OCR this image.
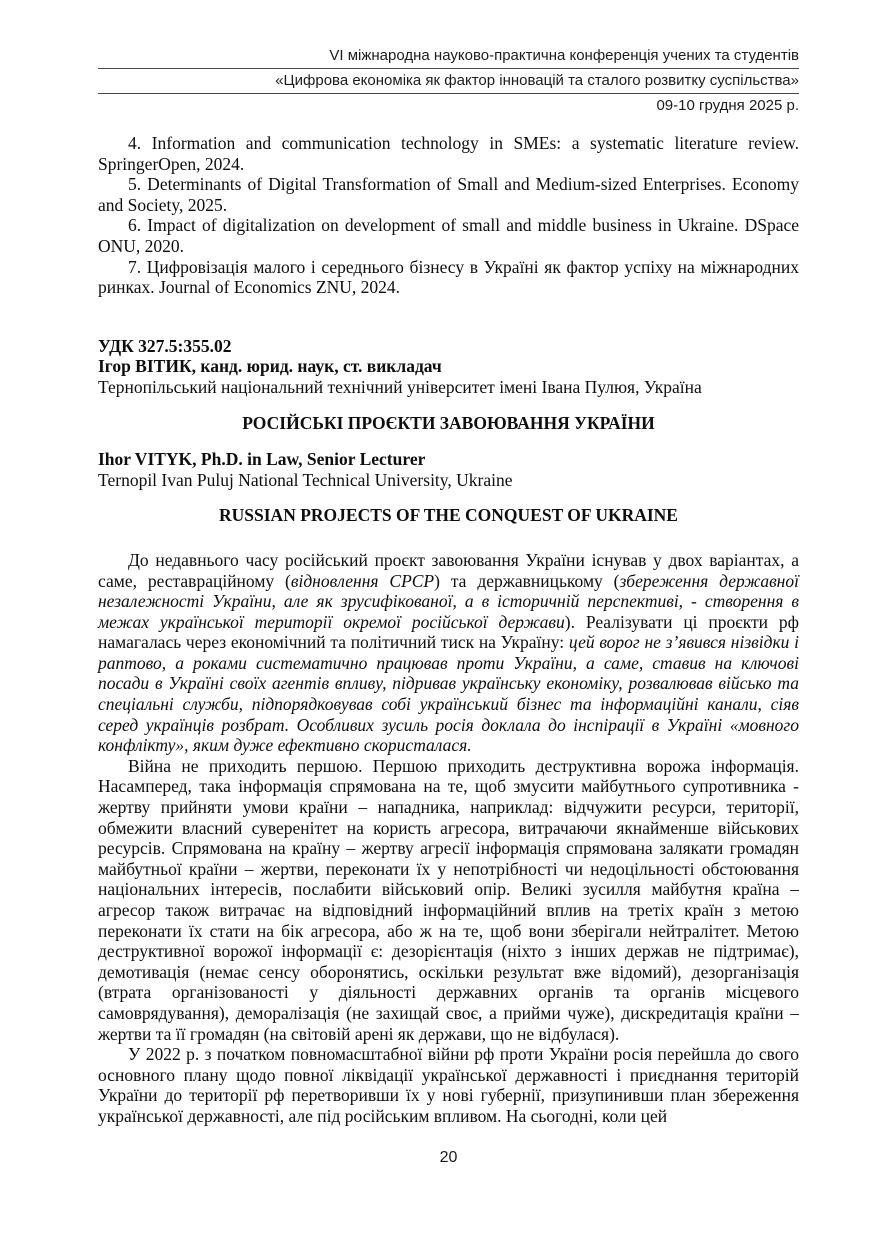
VI міжнародна науково-практична конференція учених та студентів
«Цифрова економіка як фактор інновацій та сталого розвитку суспільства»
09-10 грудня 2025 р.

4. Information and communication technology in SMEs: a systematic literature review. SpringerOpen, 2024.

5. Determinants of Digital Transformation of Small and Medium-sized Enterprises. Economy and Society, 2025.

6. Impact of digitalization on development of small and middle business in Ukraine. DSpace ONU, 2020.

7. Цифровізація малого і середнього бізнесу в Україні як фактор успіху на міжнародних ринках. Journal of Economics ZNU, 2024.

УДК 327.5:355.02

Ігор ВІТИК, канд. юрид. наук, ст. викладач

Тернопільський національний технічний університет імені Івана Пулюя, Україна

РОСІЙСЬКІ ПРОЄКТИ ЗАВОЮВАННЯ УКРАЇНИ

Ihor VITYK, Ph.D. in Law, Senior Lecturer

Ternopil Ivan Puluj National Technical University, Ukraine

RUSSIAN PROJECTS OF THE CONQUEST OF UKRAINE

До недавнього часу російський проєкт завоювання України існував у двох варіантах, а саме, реставраційному (відновлення СРСР) та державницькому (збереження державної незалежності України, але як зрусифікованої, а в історичній перспективі, - створення в межах української території окремої російської держави). Реалізувати ці проєкти рф намагалась через економічний та політичний тиск на Україну: цей ворог не з’явився нізвідки і раптово, а роками систематично працював проти України, а саме, ставив на ключові посади в Україні своїх агентів впливу, підривав українську економіку, розвалював військо та спеціальні служби, підпорядковував собі український бізнес та інформаційні канали, сіяв серед українців розбрат. Особливих зусиль росія доклала до інспірації в Україні «мовного конфлікту», яким дуже ефективно скористалася.

Війна не приходить першою. Першою приходить деструктивна ворожа інформація. Насамперед, така інформація спрямована на те, щоб змусити майбутнього супротивника - жертву прийняти умови країни – нападника, наприклад: відчужити ресурси, території, обмежити власний суверенітет на користь агресора, витрачаючи якнайменше військових ресурсів. Спрямована на країну – жертву агресії інформація спрямована залякати громадян майбутньої країни – жертви, переконати їх у непотрібності чи недоцільності обстоювання національних інтересів, послабити військовий опір. Великі зусилля майбутня країна – агресор також витрачає на відповідний інформаційний вплив на третіх країн з метою переконати їх стати на бік агресора, або ж на те, щоб вони зберігали нейтралітет. Метою деструктивної ворожої інформації є: дезорієнтація (ніхто з інших держав не підтримає), демотивація (немає сенсу оборонятись, оскільки результат вже відомий), дезорганізація (втрата організованості у діяльності державних органів та органів місцевого самоврядування), деморалізація (не захищай своє, а прийми чуже), дискредитація країни – жертви та її громадян (на світовій арені як держави, що не відбулася).

У 2022 р. з початком повномасштабної війни рф проти України росія перейшла до свого основного плану щодо повної ліквідації української державності і приєднання територій України до території рф перетворивши їх у нові губернії, призупинивши план збереження української державності, але під російським впливом. На сьогодні, коли цей

20
